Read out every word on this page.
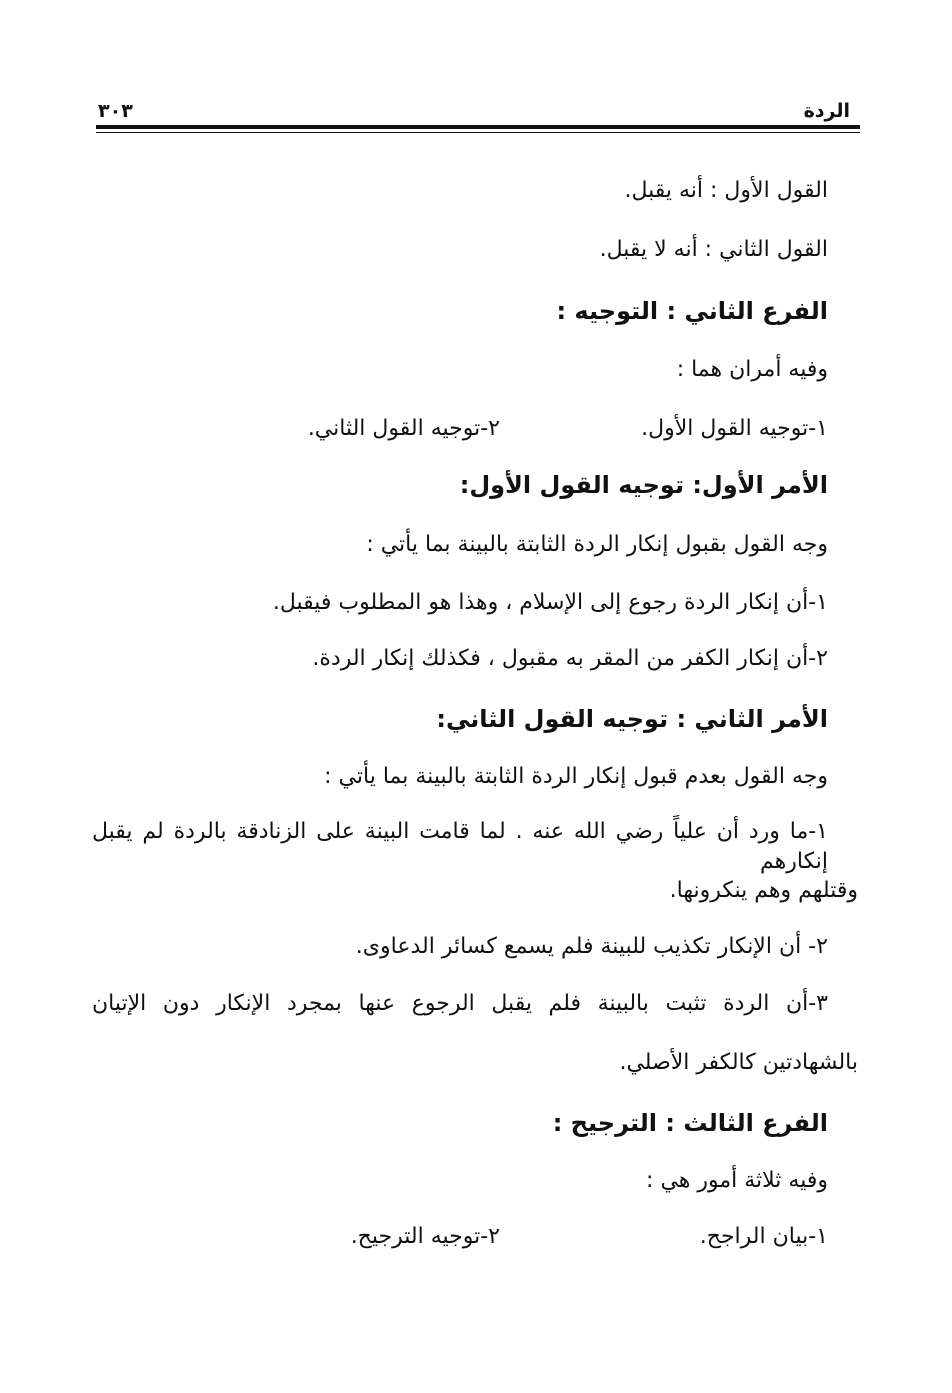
الردة
٣٠٣
القول الأول : أنه يقبل.
القول الثاني : أنه لا يقبل.
الفرع الثاني : التوجيه :
وفيه أمران هما :
١-توجيه القول الأول.
٢-توجيه القول الثاني.
الأمر الأول: توجيه القول الأول:
وجه القول بقبول إنكار الردة الثابتة بالبينة بما يأتي :
١-أن إنكار الردة رجوع إلى الإسلام ، وهذا هو المطلوب فيقبل.
٢-أن إنكار الكفر من المقر به مقبول ، فكذلك إنكار الردة.
الأمر الثاني : توجيه القول الثاني:
وجه القول بعدم قبول إنكار الردة الثابتة بالبينة بما يأتي :
١-ما ورد أن علياً رضي الله عنه . لما قامت البينة على الزنادقة بالردة لم يقبل إنكارهم
وقتلهم وهم ينكرونها.
٢- أن الإنكار تكذيب للبينة فلم يسمع كسائر الدعاوى.
٣-أن الردة تثبت بالبينة فلم يقبل الرجوع عنها بمجرد الإنكار دون الإتيان
بالشهادتين كالكفر الأصلي.
الفرع الثالث : الترجيح :
وفيه ثلاثة أمور هي :
١-بيان الراجح.
٢-توجيه الترجيح.
